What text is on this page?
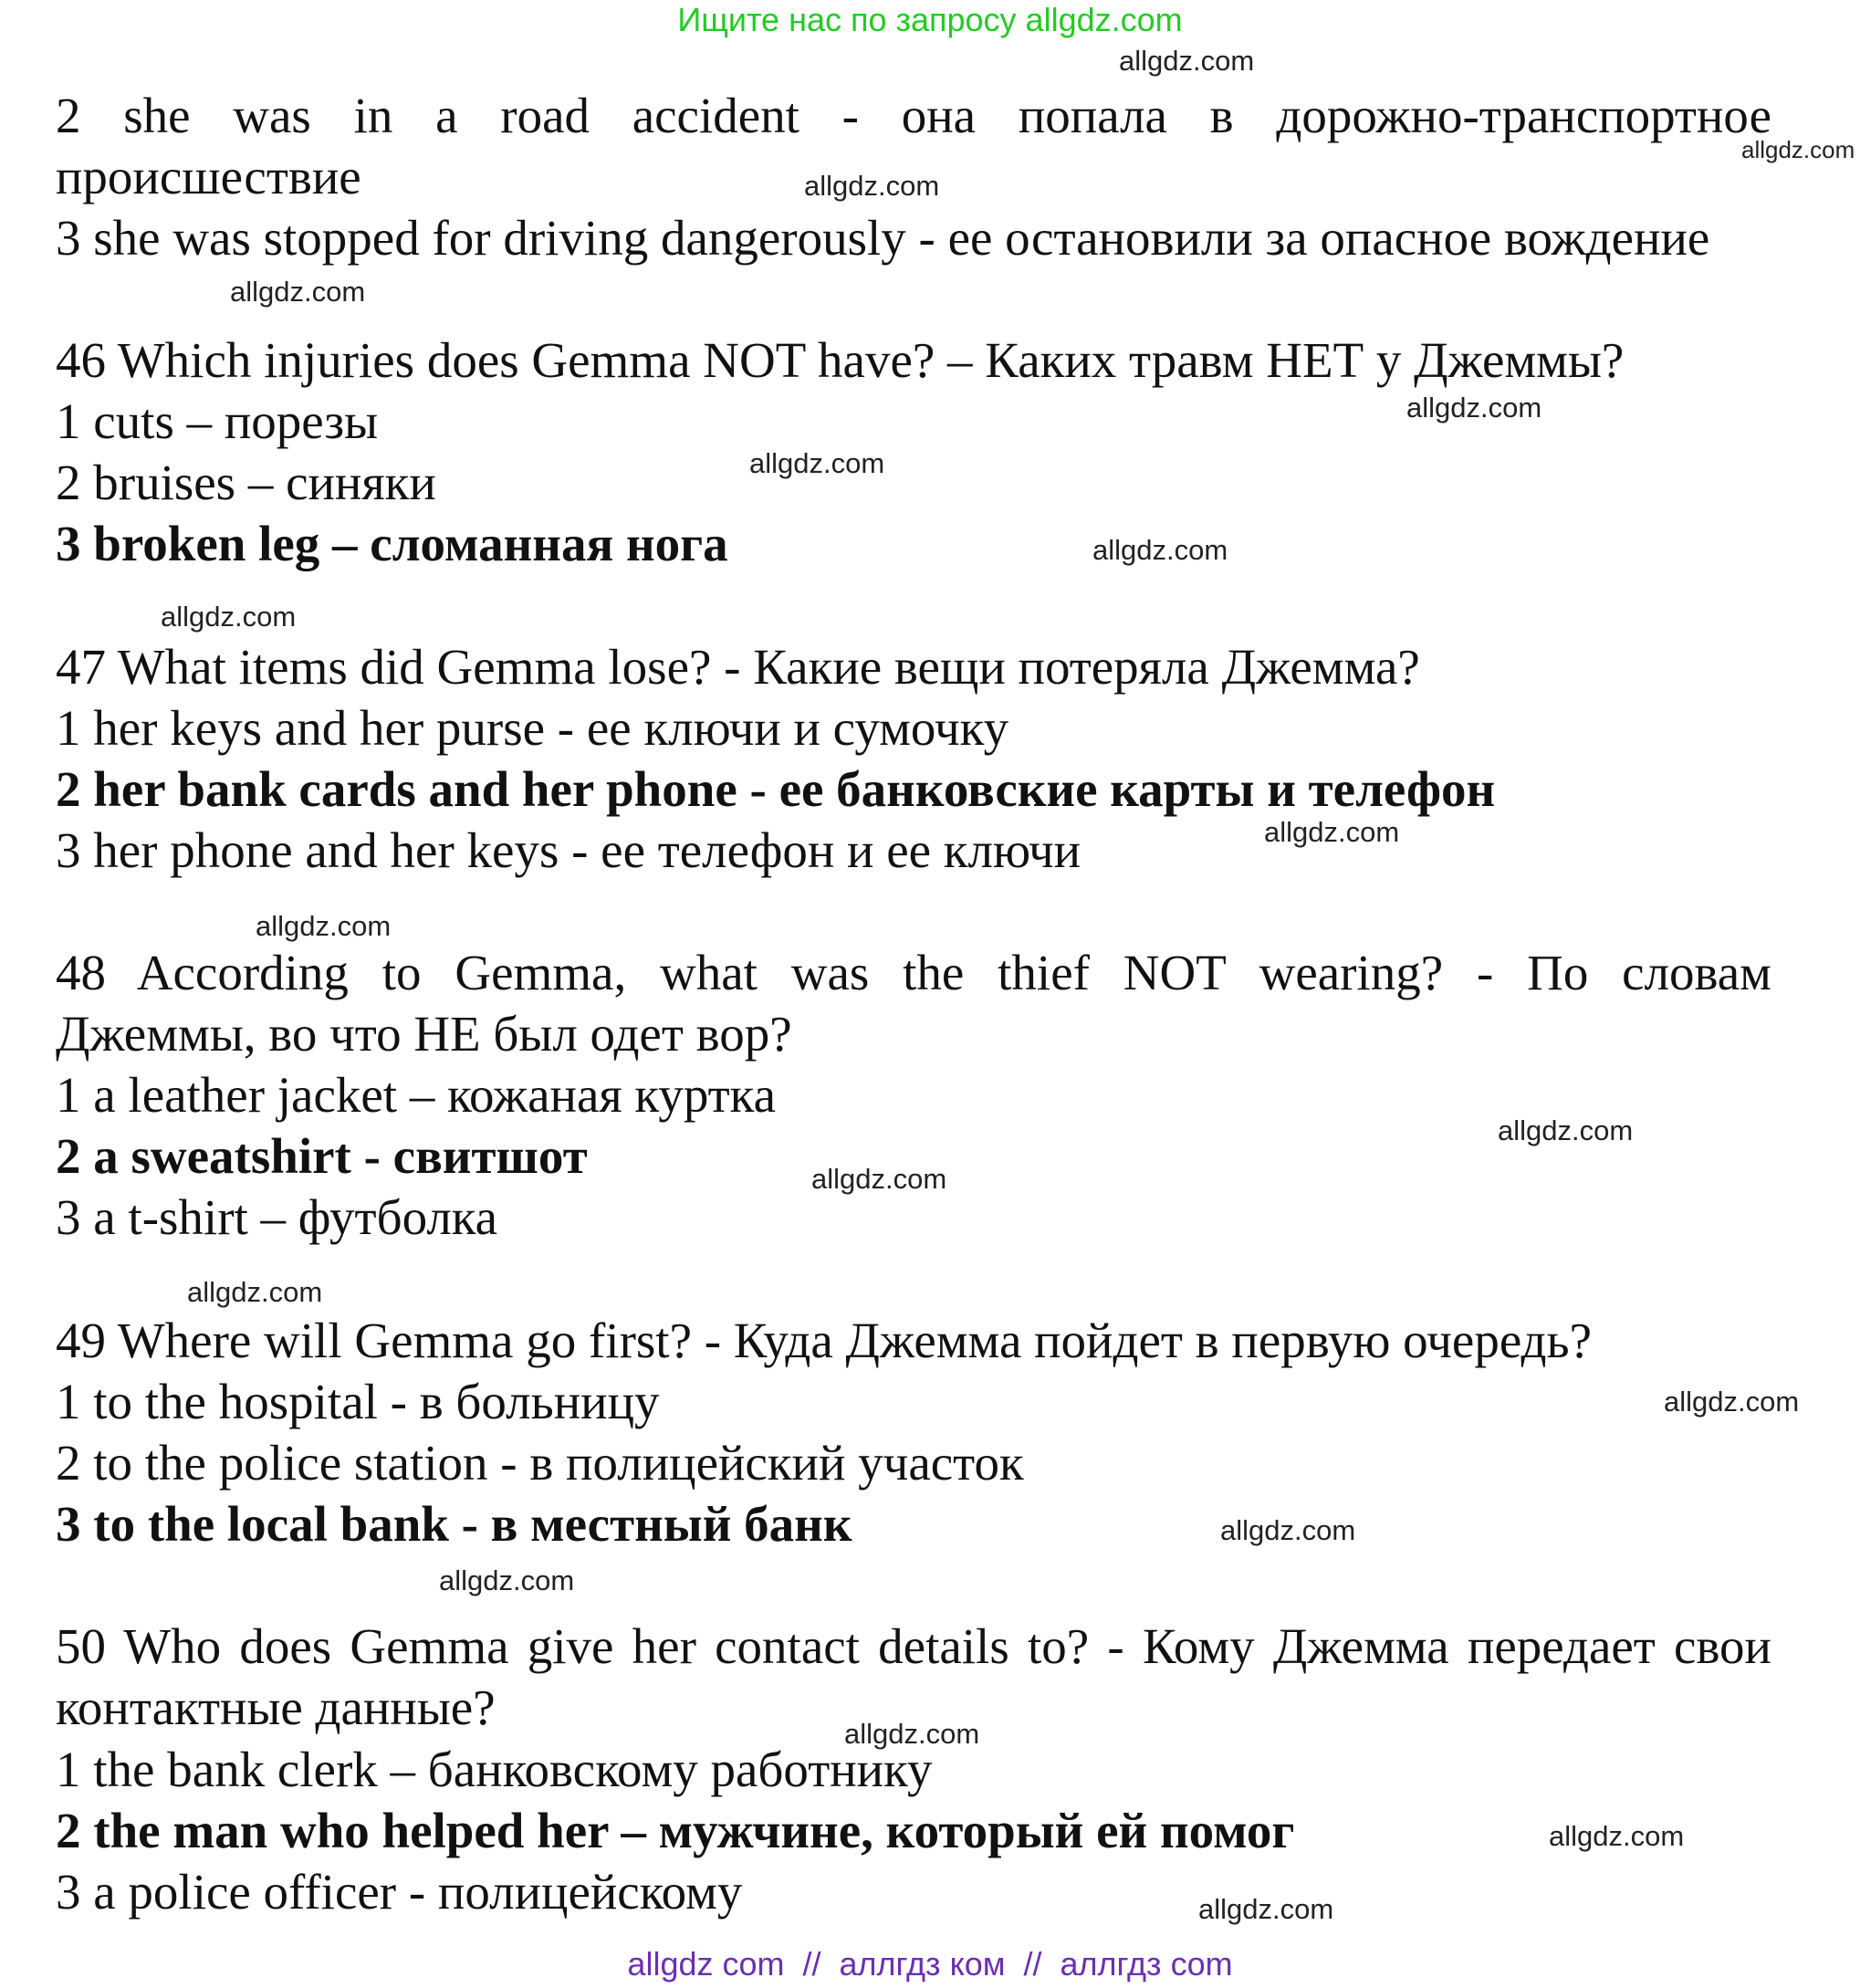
Ищите нас по запросу allgdz.com
2 she was in a road accident - она попала в дорожно-транспортное
происшествие
3 she was stopped for driving dangerously - ее остановили за опасное вождение
46 Which injuries does Gemma NOT have? – Каких травм НЕТ у Джеммы?
1 cuts – порезы
2 bruises – синяки
3 broken leg – сломанная нога
47 What items did Gemma lose? - Какие вещи потеряла Джемма?
1 her keys and her purse - ее ключи и сумочку
2 her bank cards and her phone - ее банковские карты и телефон
3 her phone and her keys - ее телефон и ее ключи
48 According to Gemma, what was the thief NOT wearing? - По словам
Джеммы, во что НЕ был одет вор?
1 a leather jacket – кожаная куртка
2 a sweatshirt - свитшот
3 a t-shirt – футболка
49 Where will Gemma go first? - Куда Джемма пойдет в первую очередь?
1 to the hospital - в больницу
2 to the police station - в полицейский участок
3 to the local bank - в местный банк
50 Who does Gemma give her contact details to? - Кому Джемма передает свои
контактные данные?
1 the bank clerk – банковскому работнику
2 the man who helped her – мужчине, который ей помог
3 a police officer - полицейскому
allgdz.com
allgdz.com
allgdz.com
allgdz.com
allgdz.com
allgdz.com
allgdz.com
allgdz.com
allgdz.com
allgdz.com
allgdz.com
allgdz.com
allgdz.com
allgdz.com
allgdz.com
allgdz.com
allgdz.com
allgdz.com
allgdz.com
allgdz com  //  аллгдз ком  //  аллгдз com
